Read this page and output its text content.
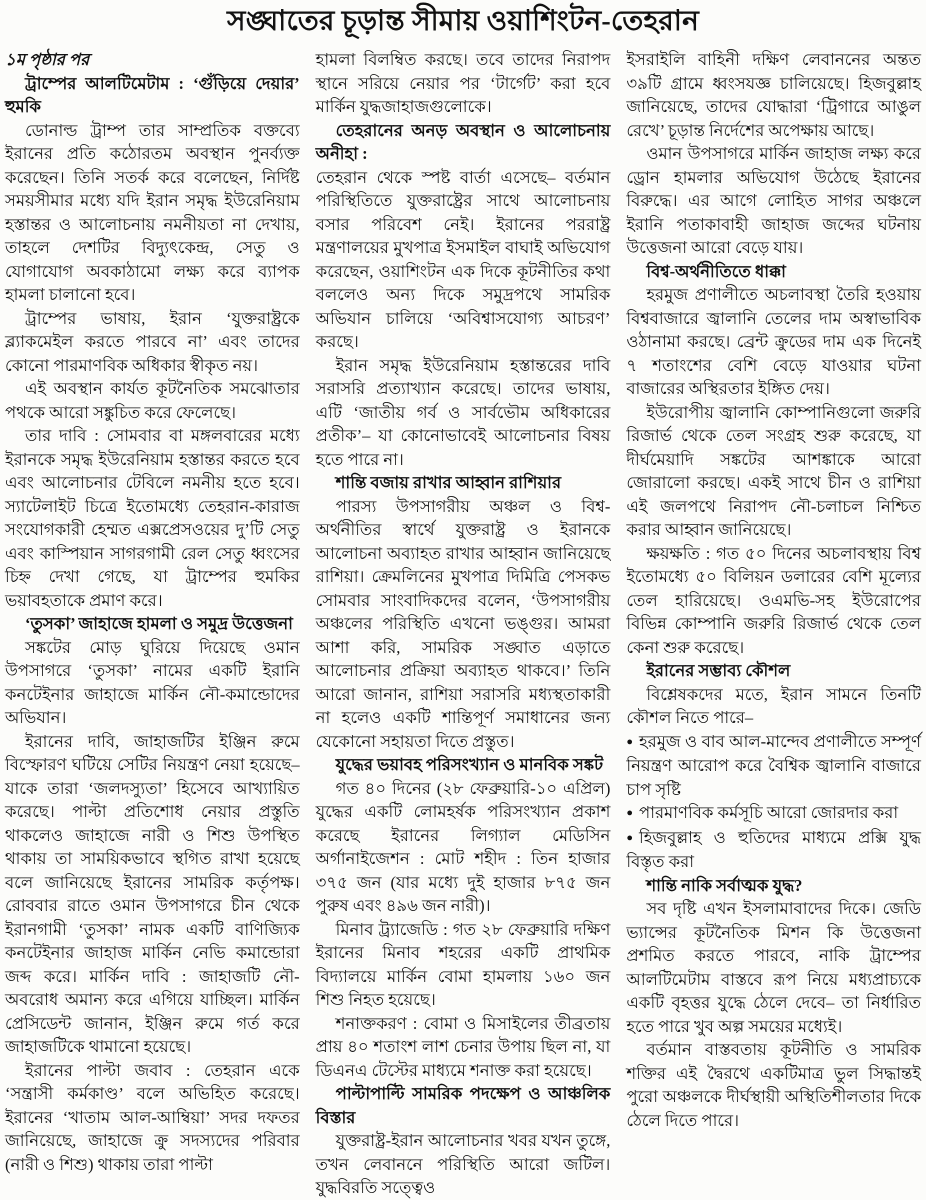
সঙ্ঘাতের চূড়ান্ত সীমায় ওয়াশিংটন-তেহরান
১ম পৃষ্ঠার পর
ট্রাম্পের আলটিমেটাম : ‘গুঁড়িয়ে দেয়ার’ হুমকি
ডোনাল্ড ট্রাম্প তার সাম্প্রতিক বক্তব্যে ইরানের প্রতি কঠোরতম অবস্থান পুনর্ব্যক্ত করেছেন। তিনি সতর্ক করে বলেছেন, নির্দিষ্ট সময়সীমার মধ্যে যদি ইরান সমৃদ্ধ ইউরেনিয়াম হস্তান্তর ও আলোচনায় নমনীয়তা না দেখায়, তাহলে দেশটির বিদ্যুৎকেন্দ্র, সেতু ও যোগাযোগ অবকাঠামো লক্ষ্য করে ব্যাপক হামলা চালানো হবে।
ট্রাম্পের ভাষায়, ইরান ‘যুক্তরাষ্ট্রকে ব্ল্যাকমেইল করতে পারবে না’ এবং তাদের কোনো পারমাণবিক অধিকার স্বীকৃত নয়।
এই অবস্থান কার্যত কূটনৈতিক সমঝোতার পথকে আরো সঙ্কুচিত করে ফেলেছে।
তার দাবি : সোমবার বা মঙ্গলবারের মধ্যে ইরানকে সমৃদ্ধ ইউরেনিয়াম হস্তান্তর করতে হবে এবং আলোচনার টেবিলে নমনীয় হতে হবে। স্যাটেলাইট চিত্রে ইতোমধ্যে তেহরান-কারাজ সংযোগকারী হেম্মত এক্সপ্রেসওয়ের দু’টি সেতু এবং কাস্পিয়ান সাগরগামী রেল সেতু ধ্বংসের চিহ্ন দেখা গেছে, যা ট্রাম্পের হুমকির ভয়াবহতাকে প্রমাণ করে।
‘তুসকা’ জাহাজে হামলা ও সমুদ্র উত্তেজনা
সঙ্কটের মোড় ঘুরিয়ে দিয়েছে ওমান উপসাগরে ‘তুসকা’ নামের একটি ইরানি কনটেইনার জাহাজে মার্কিন নৌ-কমান্ডোদের অভিযান।
ইরানের দাবি, জাহাজটির ইঞ্জিন রুমে বিস্ফোরণ ঘটিয়ে সেটির নিয়ন্ত্রণ নেয়া হয়েছে– যাকে তারা ‘জলদস্যুতা’ হিসেবে আখ্যায়িত করেছে। পাল্টা প্রতিশোধ নেয়ার প্রস্তুতি থাকলেও জাহাজে নারী ও শিশু উপস্থিত থাকায় তা সাময়িকভাবে স্থগিত রাখা হয়েছে বলে জানিয়েছে ইরানের সামরিক কর্তৃপক্ষ। রোববার রাতে ওমান উপসাগরে চীন থেকে ইরানগামী ‘তুসকা’ নামক একটি বাণিজ্যিক কনটেইনার জাহাজ মার্কিন নেভি কমান্ডোরা জব্দ করে। মার্কিন দাবি : জাহাজটি নৌ-অবরোধ অমান্য করে এগিয়ে যাচ্ছিল। মার্কিন প্রেসিডেন্ট জানান, ইঞ্জিন রুমে গর্ত করে জাহাজটিকে থামানো হয়েছে।
ইরানের পাল্টা জবাব : তেহরান একে ‘সন্ত্রাসী কর্মকাণ্ড’ বলে অভিহিত করেছে। ইরানের ‘খাতাম আল-আম্বিয়া’ সদর দফতর জানিয়েছে, জাহাজে ক্রু সদস্যদের পরিবার (নারী ও শিশু) থাকায় তারা পাল্টা
হামলা বিলম্বিত করছে। তবে তাদের নিরাপদ স্থানে সরিয়ে নেয়ার পর ‘টার্গেট’ করা হবে মার্কিন যুদ্ধজাহাজগুলোকে।
তেহরানের অনড় অবস্থান ও আলোচনায় অনীহা :
তেহরান থেকে স্পষ্ট বার্তা এসেছে– বর্তমান পরিস্থিতিতে যুক্তরাষ্ট্রের সাথে আলোচনায় বসার পরিবেশ নেই। ইরানের পররাষ্ট্র মন্ত্রণালয়ের মুখপাত্র ইসমাইল বাঘাই অভিযোগ করেছেন, ওয়াশিংটন এক দিকে কূটনীতির কথা বললেও অন্য দিকে সমুদ্রপথে সামরিক অভিযান চালিয়ে ‘অবিশ্বাসযোগ্য আচরণ’ করছে।
ইরান সমৃদ্ধ ইউরেনিয়াম হস্তান্তরের দাবি সরাসরি প্রত্যাখ্যান করেছে। তাদের ভাষায়, এটি ‘জাতীয় গর্ব ও সার্বভৌম অধিকারের প্রতীক’– যা কোনোভাবেই আলোচনার বিষয় হতে পারে না।
শান্তি বজায় রাখার আহ্বান রাশিয়ার
পারস্য উপসাগরীয় অঞ্চল ও বিশ্ব-অর্থনীতির স্বার্থে যুক্তরাষ্ট্র ও ইরানকে আলোচনা অব্যাহত রাখার আহ্বান জানিয়েছে রাশিয়া। ক্রেমলিনের মুখপাত্র দিমিত্রি পেসকভ সোমবার সাংবাদিকদের বলেন, ‘উপসাগরীয় অঞ্চলের পরিস্থিতি এখনো ভঙ্গুর। আমরা আশা করি, সামরিক সঙ্ঘাত এড়াতে আলোচনার প্রক্রিয়া অব্যাহত থাকবে।’ তিনি আরো জানান, রাশিয়া সরাসরি মধ্যস্থতাকারী না হলেও একটি শান্তিপূর্ণ সমাধানের জন্য যেকোনো সহায়তা দিতে প্রস্তুত।
যুদ্ধের ভয়াবহ পরিসংখ্যান ও মানবিক সঙ্কট
গত ৪০ দিনের (২৮ ফেব্রুয়ারি-১০ এপ্রিল) যুদ্ধের একটি লোমহর্ষক পরিসংখ্যান প্রকাশ করেছে ইরানের লিগ্যাল মেডিসিন অর্গানাইজেশন : মোট শহীদ : তিন হাজার ৩৭৫ জন (যার মধ্যে দুই হাজার ৮৭৫ জন পুরুষ এবং ৪৯৬ জন নারী)।
মিনাব ট্র্যাজেডি : গত ২৮ ফেব্রুয়ারি দক্ষিণ ইরানের মিনাব শহরের একটি প্রাথমিক বিদ্যালয়ে মার্কিন বোমা হামলায় ১৬০ জন শিশু নিহত হয়েছে।
শনাক্তকরণ : বোমা ও মিসাইলের তীব্রতায় প্রায় ৪০ শতাংশ লাশ চেনার উপায় ছিল না, যা ডিএনএ টেস্টের মাধ্যমে শনাক্ত করা হয়েছে।
পাল্টাপাল্টি সামরিক পদক্ষেপ ও আঞ্চলিক বিস্তার
যুক্তরাষ্ট্র-ইরান আলোচনার খবর যখন তুঙ্গে, তখন লেবাননে পরিস্থিতি আরো জটিল। যুদ্ধবিরতি সত্ত্বেও
ইসরাইলি বাহিনী দক্ষিণ লেবাননের অন্তত ৩৯টি গ্রামে ধ্বংসযজ্ঞ চালিয়েছে। হিজবুল্লাহ জানিয়েছে, তাদের যোদ্ধারা ‘ট্রিগারে আঙুল রেখে’ চূড়ান্ত নির্দেশের অপেক্ষায় আছে।
ওমান উপসাগরে মার্কিন জাহাজ লক্ষ্য করে ড্রোন হামলার অভিযোগ উঠেছে ইরানের বিরুদ্ধে। এর আগে লোহিত সাগর অঞ্চলে ইরানি পতাকাবাহী জাহাজ জব্দের ঘটনায় উত্তেজনা আরো বেড়ে যায়।
বিশ্ব-অর্থনীতিতে ধাক্কা
হরমুজ প্রণালীতে অচলাবস্থা তৈরি হওয়ায় বিশ্ববাজারে জ্বালানি তেলের দাম অস্বাভাবিক ওঠানামা করছে। ব্রেন্ট ক্রুডের দাম এক দিনেই ৭ শতাংশের বেশি বেড়ে যাওয়ার ঘটনা বাজারের অস্থিরতার ইঙ্গিত দেয়।
ইউরোপীয় জ্বালানি কোম্পানিগুলো জরুরি রিজার্ভ থেকে তেল সংগ্রহ শুরু করেছে, যা দীর্ঘমেয়াদি সঙ্কটের আশঙ্কাকে আরো জোরালো করছে। একই সাথে চীন ও রাশিয়া এই জলপথে নিরাপদ নৌ-চলাচল নিশ্চিত করার আহ্বান জানিয়েছে।
ক্ষয়ক্ষতি : গত ৫০ দিনের অচলাবস্থায় বিশ্ব ইতোমধ্যে ৫০ বিলিয়ন ডলারের বেশি মূল্যের তেল হারিয়েছে। ওএমভি-সহ ইউরোপের বিভিন্ন কোম্পানি জরুরি রিজার্ভ থেকে তেল কেনা শুরু করেছে।
ইরানের সম্ভাব্য কৌশল
বিশ্লেষকদের মতে, ইরান সামনে তিনটি কৌশল নিতে পারে–
● হরমুজ ও বাব আল-মান্দেব প্রণালীতে সম্পূর্ণ নিয়ন্ত্রণ আরোপ করে বৈশ্বিক জ্বালানি বাজারে চাপ সৃষ্টি
● পারমাণবিক কর্মসূচি আরো জোরদার করা
● হিজবুল্লাহ ও হুতিদের মাধ্যমে প্রক্সি যুদ্ধ বিস্তৃত করা
শান্তি নাকি সর্বাত্মক যুদ্ধ?
সব দৃষ্টি এখন ইসলামাবাদের দিকে। জেডি ভ্যান্সের কূটনৈতিক মিশন কি উত্তেজনা প্রশমিত করতে পারবে, নাকি ট্রাম্পের আলটিমেটাম বাস্তবে রূপ নিয়ে মধ্যপ্রাচ্যকে একটি বৃহত্তর যুদ্ধে ঠেলে দেবে– তা নির্ধারিত হতে পারে খুব অল্প সময়ের মধ্যেই।
বর্তমান বাস্তবতায় কূটনীতি ও সামরিক শক্তির এই দ্বৈরথে একটিমাত্র ভুল সিদ্ধান্তই পুরো অঞ্চলকে দীর্ঘস্থায়ী অস্থিতিশীলতার দিকে ঠেলে দিতে পারে।
